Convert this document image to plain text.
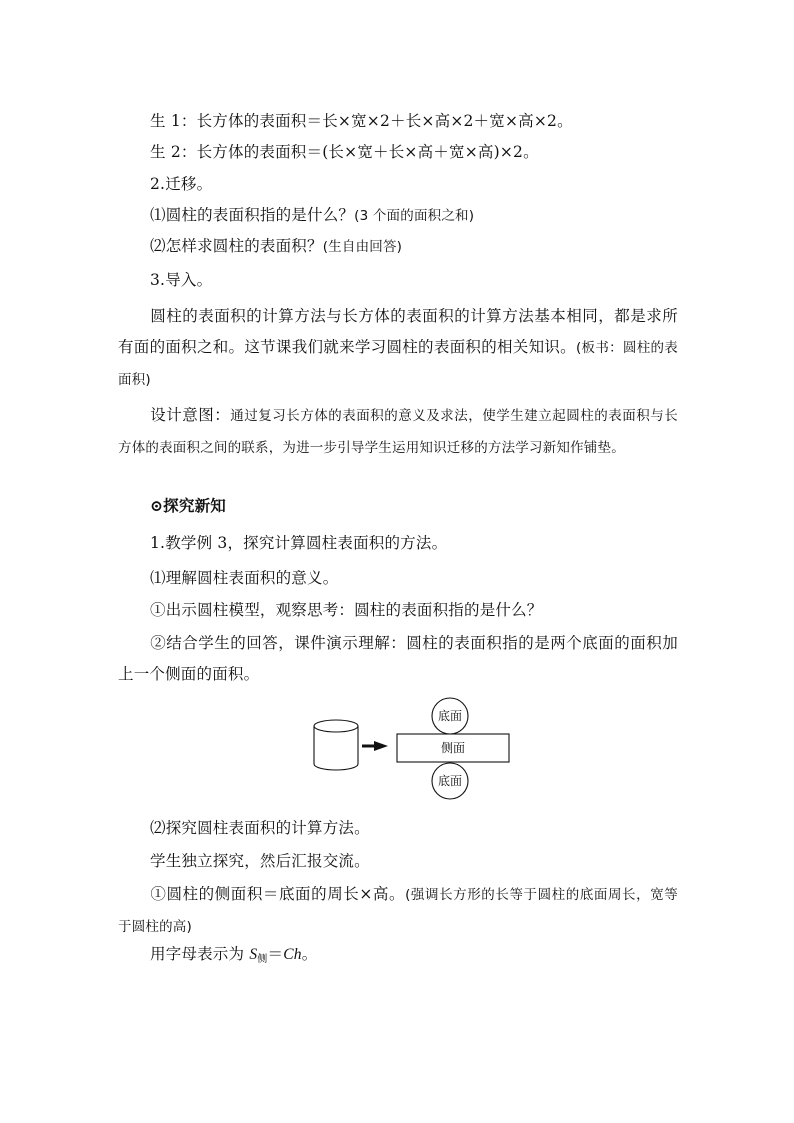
生 1：长方体的表面积＝长×宽×2＋长×高×2＋宽×高×2。
生 2：长方体的表面积＝(长×宽＋长×高＋宽×高)×2。
2.迁移。
⑴圆柱的表面积指的是什么？(3 个面的面积之和)
⑵怎样求圆柱的表面积？(生自由回答)
3.导入。
圆柱的表面积的计算方法与长方体的表面积的计算方法基本相同，都是求所有面的面积之和。这节课我们就来学习圆柱的表面积的相关知识。(板书：圆柱的表面积)
设计意图：通过复习长方体的表面积的意义及求法，使学生建立起圆柱的表面积与长方体的表面积之间的联系，为进一步引导学生运用知识迁移的方法学习新知作铺垫。
⊙探究新知
1.教学例 3，探究计算圆柱表面积的方法。
⑴理解圆柱表面积的意义。
①出示圆柱模型，观察思考：圆柱的表面积指的是什么？
②结合学生的回答，课件演示理解：圆柱的表面积指的是两个底面的面积加上一个侧面的面积。
侧面
底面
底面
⑵探究圆柱表面积的计算方法。
学生独立探究，然后汇报交流。
①圆柱的侧面积＝底面的周长×高。(强调长方形的长等于圆柱的底面周长，宽等于圆柱的高)
用字母表示为 $S_侧=Ch$。
